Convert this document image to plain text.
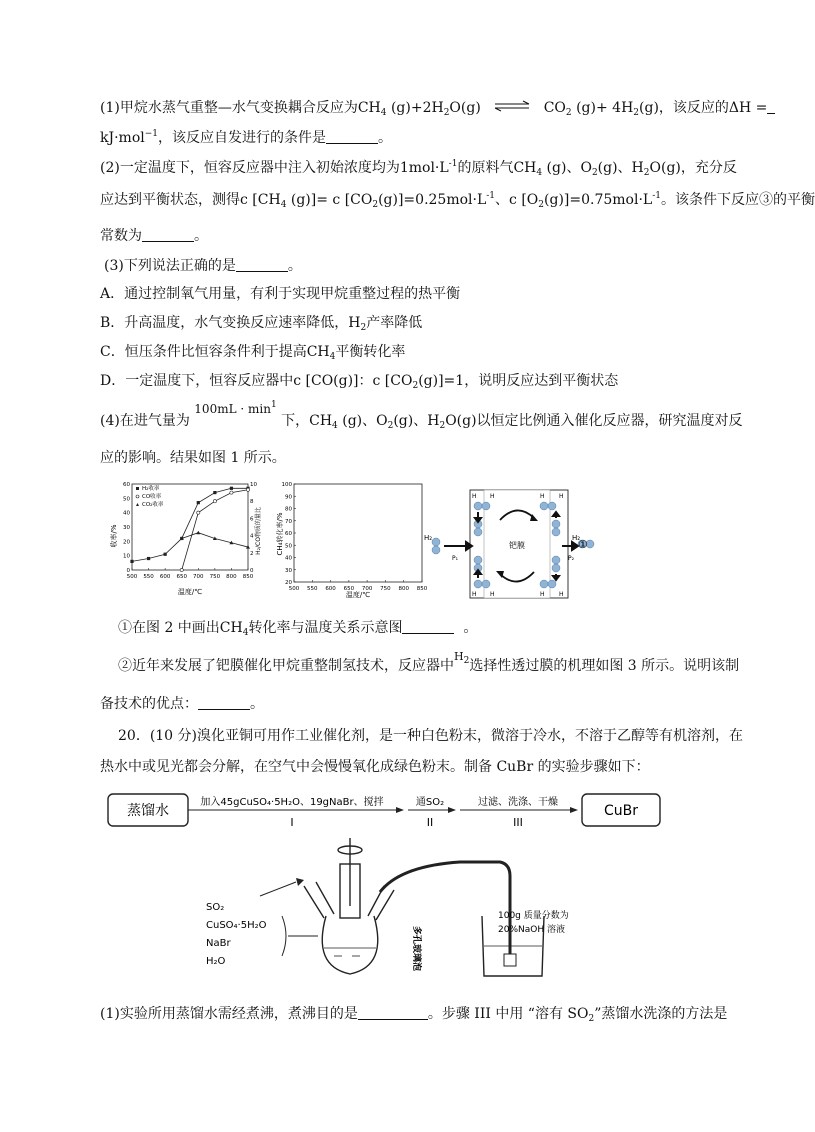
(1)甲烷水蒸气重整—水气变换耦合反应为$CH_4$ $(g)+2H_2O(g)$ ⇌ $CO_2$ $(g)+ 4H_2(g)$，该反应的ΔH =
kJ·mol$^{-1}$，该反应自发进行的条件是	。
(2)一定温度下，恒容反应器中注入初始浓度均为$1mol\cdot L^{-1}$的原料气$CH_4$ (g)、$O_2(g)$、$H_2O(g)$，充分反
应达到平衡状态，测得c [$CH_4$ (g)]= c $[CO_2(g)]=0.25mol\cdot L^{-1}$、c $[O_2(g)]=0.75mol\cdot L^{-1}$。该条件下反应③的平衡
常数为	。
(3)下列说法正确的是	。
A．通过控制氧气用量，有利于实现甲烷重整过程的热平衡
B．升高温度，水气变换反应速率降低，$H_2$产率降低
C．恒压条件比恒容条件利于提高$CH_4$平衡转化率
D．一定温度下，恒容反应器中c [CO(g)]：c $[CO_2(g)]=1$，说明反应达到平衡状态
(4)在进气量为 $100mL \cdot \min^1$ 下，$CH_4$ (g)、$O_2(g)$、$H_2O(g)$以恒定比例通入催化反应器，研究温度对反
应的影响。结果如图 1 所示。
H₂收率
CO收率
CO₂收率
500 550 600 650 700 750 800 850
0
10
20
30
40
50
60
0
2
4
6
8
10
收率/%	H₂/CO物质的量比
温度/℃	500 550 600 650 700 750 800 850
20
30
40
50
60
70
80
90
100
CH₄转化率/%
温度/℃
钯膜
H₂
H H	H H
H H	H H
P₁	P₂
H₂
①
①在图 2 中画出$CH_4$转化率与温度关系示意图	。
②近年来发展了钯膜催化甲烷重整制氢技术，反应器中$^H_2$选择性透过膜的机理如图 3 所示。说明该制
备技术的优点：	。
20．(10 分)溴化亚铜可用作工业催化剂，是一种白色粉末，微溶于冷水，不溶于乙醇等有机溶剂，在
热水中或见光都会分解，在空气中会慢慢氧化成绿色粉末。制备 CuBr 的实验步骤如下：
蒸馏水
加入45gCuSO₄·5H₂O、19gNaBr、搅拌
I
通SO₂
II
过滤、洗涤、干燥
III
CuBr
SO₂
CuSO₄·5H₂O
NaBr
H₂O	多孔玻璃泡
100g 质量分数为
20%NaOH 溶液
(1)实验所用蒸馏水需经煮沸，煮沸目的是	。步骤 III 中用 “溶有 $SO_2$”蒸馏水洗涤的方法是
